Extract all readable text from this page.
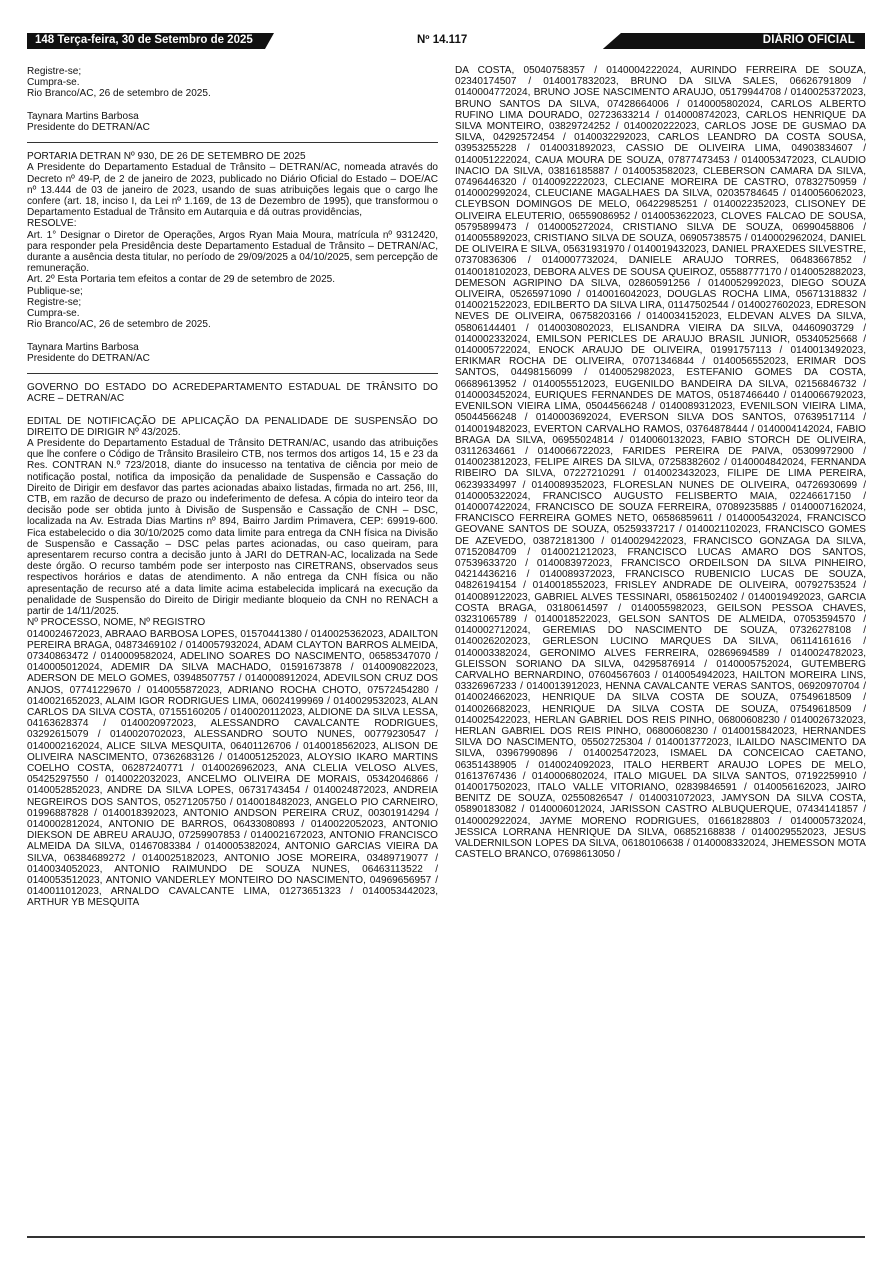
148 Terça-feira, 30 de Setembro de 2025	Nº 14.117	DIÁRIO OFICIAL

Registre-se;

Cumpra-se.

Rio Branco/AC, 26 de setembro de 2025.

Taynara Martins Barbosa

Presidente do DETRAN/AC

PORTARIA DETRAN Nº 930, DE 26 DE SETEMBRO DE 2025

A Presidente do Departamento Estadual de Trânsito – DETRAN/AC, nomeada através do Decreto nº 49-P, de 2 de janeiro de 2023, publicado no Diário Oficial do Estado – DOE/AC nº 13.444 de 03 de janeiro de 2023, usando de suas atribuições legais que o cargo lhe confere (art. 18, inciso I, da Lei nº 1.169, de 13 de Dezembro de 1995), que transformou o Departamento Estadual de Trânsito em Autarquia e dá outras providências,

RESOLVE:

Art. 1° Designar o Diretor de Operações, Argos Ryan Maia Moura, matrícula nº 9312420, para responder pela Presidência deste Departamento Estadual de Trânsito – DETRAN/AC, durante a ausência desta titular, no período de 29/09/2025 a 04/10/2025, sem percepção de remuneração.

Art. 2º Esta Portaria tem efeitos a contar de 29 de setembro de 2025.

Publique-se;

Registre-se;

Cumpra-se.

Rio Branco/AC, 26 de setembro de 2025.

Taynara Martins Barbosa

Presidente do DETRAN/AC

GOVERNO DO ESTADO DO ACREDEPARTAMENTO ESTADUAL DE TRÂNSITO DO ACRE – DETRAN/AC

EDITAL DE NOTIFICAÇÃO DE APLICAÇÃO DA PENALIDADE DE SUSPENSÃO DO DIREITO DE DIRIGIR Nº 43/2025.

A Presidente do Departamento Estadual de Trânsito DETRAN/AC, usando das atribuições que lhe confere o Código de Trânsito Brasileiro CTB, nos termos dos artigos 14, 15 e 23 da Res. CONTRAN N.º 723/2018, diante do insucesso na tentativa de ciência por meio de notificação postal, notifica da imposição da penalidade de Suspensão e Cassação do Direito de Dirigir em desfavor das partes acionadas abaixo listadas, firmada no art. 256, III, CTB, em razão de decurso de prazo ou indeferimento de defesa. A cópia do inteiro teor da decisão pode ser obtida junto à Divisão de Suspensão e Cassação de CNH – DSC, localizada na Av. Estrada Dias Martins nº 894, Bairro Jardim Primavera, CEP: 69919-600. Fica estabelecido o dia 30/10/2025 como data limite para entrega da CNH física na Divisão de Suspensão e Cassação – DSC pelas partes acionadas, ou caso queiram, para apresentarem recurso contra a decisão junto à JARI do DETRAN-AC, localizada na Sede deste órgão. O recurso também pode ser interposto nas CIRETRANS, observados seus respectivos horários e datas de atendimento. A não entrega da CNH física ou não apresentação de recurso até a data limite acima estabelecida implicará na execução da penalidade de Suspensão do Direito de Dirigir mediante bloqueio da CNH no RENACH a partir de 14/11/2025.

Nº PROCESSO, NOME, Nº REGISTRO

0140024672023, ABRAAO BARBOSA LOPES, 01570441380 / 0140025362023, ADAILTON PEREIRA BRAGA, 04873469102 / 0140057932024, ADAM CLAYTON BARROS ALMEIDA, 07340863472 / 0140009582024, ADELINO SOARES DO NASCIMENTO, 06585347070 / 0140005012024, ADEMIR DA SILVA MACHADO, 01591673878 / 0140090822023, ADERSON DE MELO GOMES, 03948507757 / 0140008912024, ADEVILSON CRUZ DOS ANJOS, 07741229670 / 0140055872023, ADRIANO ROCHA CHOTO, 07572454280 / 0140021652023, ALAIM IGOR RODRIGUES LIMA, 06024199969 / 0140029532023, ALAN CARLOS DA SILVA COSTA, 07155160205 / 0140020112023, ALDIONE DA SILVA LESSA, 04163628374 / 0140020972023, ALESSANDRO CAVALCANTE RODRIGUES, 03292615079 / 0140020702023, ALESSANDRO SOUTO NUNES, 00779230547 / 0140002162024, ALICE SILVA MESQUITA, 06401126706 / 0140018562023, ALISON DE OLIVEIRA NASCIMENTO, 07362683126 / 0140051252023, ALOYSIO IKARO MARTINS COELHO COSTA, 06287240771 / 0140026962023, ANA CLELIA VELOSO ALVES, 05425297550 / 0140022032023, ANCELMO OLIVEIRA DE MORAIS, 05342046866 / 0140052852023, ANDRE DA SILVA LOPES, 06731743454 / 0140024872023, ANDREIA NEGREIROS DOS SANTOS, 05271205750 / 0140018482023, ANGELO PIO CARNEIRO, 01996887828 / 0140018392023, ANTONIO ANDSON PEREIRA CRUZ, 00301914294 / 0140002812024, ANTONIO DE BARROS, 06433080893 / 0140022052023, ANTONIO DIEKSON DE ABREU ARAUJO, 07259907853 / 0140021672023, ANTONIO FRANCISCO ALMEIDA DA SILVA, 01467083384 / 0140005382024, ANTONIO GARCIAS VIEIRA DA SILVA, 06384689272 / 0140025182023, ANTONIO JOSE MOREIRA, 03489719077 / 0140034052023, ANTONIO RAIMUNDO DE SOUZA NUNES, 06463113522 / 0140053512023, ANTONIO VANDERLEY MONTEIRO DO NASCIMENTO, 04969656957 / 0140011012023, ARNALDO CAVALCANTE LIMA, 01273651323 / 0140053442023, ARTHUR YB MESQUITA

DA COSTA, 05040758357 / 0140004222024, AURINDO FERREIRA DE SOUZA, 02340174507 / 0140017832023, BRUNO DA SILVA SALES, 06626791809 / 0140004772024, BRUNO JOSE NASCIMENTO ARAUJO, 05179944708 / 0140025372023, BRUNO SANTOS DA SILVA, 07428664006 / 0140005802024, CARLOS ALBERTO RUFINO LIMA DOURADO, 02723633214 / 0140008742023, CARLOS HENRIQUE DA SILVA MONTEIRO, 03829724252 / 0140020222023, CARLOS JOSE DE GUSMAO DA SILVA, 04292572454 / 0140032292023, CARLOS LEANDRO DA COSTA SOUSA, 03953255228 / 0140031892023, CASSIO DE OLIVEIRA LIMA, 04903834607 / 0140051222024, CAUA MOURA DE SOUZA, 07877473453 / 0140053472023, CLAUDIO INACIO DA SILVA, 03816185887 / 0140053582023, CLEBERSON CAMARA DA SILVA, 07496446320 / 0140092222023, CLECIANE MOREIRA DE CASTRO, 07832750959 / 0140002992024, CLEUCIANE MAGALHAES DA SILVA, 02035784645 / 0140056062023, CLEYBSON DOMINGOS DE MELO, 06422985251 / 0140022352023, CLISONEY DE OLIVEIRA ELEUTERIO, 06559086952 / 0140053622023, CLOVES FALCAO DE SOUSA, 05795899473 / 0140005272024, CRISTIANO SILVA DE SOUZA, 06990458806 / 0140055892023, CRISTIANO SILVA DE SOUZA, 06905738575 / 0140002962024, DANIEL DE OLIVEIRA E SILVA, 05631931970 / 0140019432023, DANIEL PRAXEDES SILVESTRE, 07370836306 / 0140007732024, DANIELE ARAUJO TORRES, 06483667852 / 0140018102023, DEBORA ALVES DE SOUSA QUEIROZ, 05588777170 / 0140052882023, DEMESON AGRIPINO DA SILVA, 02860591256 / 0140052992023, DIEGO SOUZA OLIVEIRA, 05265971090 / 0140016042023, DOUGLAS ROCHA LIMA, 05671318832 / 0140021522023, EDILBERTO DA SILVA LIRA, 01147502544 / 0140027602023, EDRESON NEVES DE OLIVEIRA, 06758203166 / 0140034152023, ELDEVAN ALVES DA SILVA, 05806144401 / 0140030802023, ELISANDRA VIEIRA DA SILVA, 04460903729 / 0140002332024, EMILSON PERICLES DE ARAUJO BRASIL JUNIOR, 05340525668 / 0140005722024, ENOCK ARAUJO DE OLIVEIRA, 01991757113 / 0140013492023, ERIKMAR ROCHA DE OLIVEIRA, 07071346844 / 0140056552023, ERIMAR DOS SANTOS, 04498156099 / 0140052982023, ESTEFANIO GOMES DA COSTA, 06689613952 / 0140055512023, EUGENILDO BANDEIRA DA SILVA, 02156846732 / 0140003452024, EURIQUES FERNANDES DE MATOS, 05187466440 / 0140066792023, EVENILSON VIEIRA LIMA, 05044566248 / 0140089312023, EVENILSON VIEIRA LIMA, 05044566248 / 0140003692024, EVERSON SILVA DOS SANTOS, 07639517114 / 0140019482023, EVERTON CARVALHO RAMOS, 03764878444 / 0140004142024, FABIO BRAGA DA SILVA, 06955024814 / 0140060132023, FABIO STORCH DE OLIVEIRA, 03112634661 / 0140066722023, FARIDES PEREIRA DE PAIVA, 05309972900 / 0140023812023, FELIPE AIRES DA SILVA, 07258382602 / 0140004842024, FERNANDA RIBEIRO DA SILVA, 07227210291 / 0140023432023, FILIPE DE LIMA PEREIRA, 06239334997 / 0140089352023, FLORESLAN NUNES DE OLIVEIRA, 04726930699 / 0140005322024, FRANCISCO AUGUSTO FELISBERTO MAIA, 02246617150 / 0140007422024, FRANCISCO DE SOUZA FERREIRA, 07089235885 / 0140007162024, FRANCISCO FERREIRA GOMES NETO, 06586859611 / 0140005432024, FRANCISCO GEOVANE SANTOS DE SOUZA, 05259337217 / 0140021102023, FRANCISCO GOMES DE AZEVEDO, 03872181300 / 0140029422023, FRANCISCO GONZAGA DA SILVA, 07152084709 / 0140021212023, FRANCISCO LUCAS AMARO DOS SANTOS, 07539633720 / 0140083972023, FRANCISCO ORDEILSON DA SILVA PINHEIRO, 04214436216 / 0140089372023, FRANCISCO RUBENICIO LUCAS DE SOUZA, 04826194154 / 0140018552023, FRISLEY ANDRADE DE OLIVEIRA, 00792753524 / 0140089122023, GABRIEL ALVES TESSINARI, 05861502402 / 0140019492023, GARCIA COSTA BRAGA, 03180614597 / 0140055982023, GEILSON PESSOA CHAVES, 03231065789 / 0140018522023, GELSON SANTOS DE ALMEIDA, 07053594570 / 0140002712024, GEREMIAS DO NASCIMENTO DE SOUZA, 07326278108 / 0140026202023, GERLESON LUCINO MARQUES DA SILVA, 06114161616 / 0140003382024, GERONIMO ALVES FERREIRA, 02869694589 / 0140024782023, GLEISSON SORIANO DA SILVA, 04295876914 / 0140005752024, GUTEMBERG CARVALHO BERNARDINO, 07604567603 / 0140054942023, HAILTON MOREIRA LINS, 03326967233 / 0140013912023, HENNA CAVALCANTE VERAS SANTOS, 06920970704 / 0140024662023, HENRIQUE DA SILVA COSTA DE SOUZA, 07549618509 / 0140026682023, HENRIQUE DA SILVA COSTA DE SOUZA, 07549618509 / 0140025422023, HERLAN GABRIEL DOS REIS PINHO, 06800608230 / 0140026732023, HERLAN GABRIEL DOS REIS PINHO, 06800608230 / 0140015842023, HERNANDES SILVA DO NASCIMENTO, 05502725304 / 0140013772023, ILAILDO NASCIMENTO DA SILVA, 03967990896 / 0140025472023, ISMAEL DA CONCEICAO CAETANO, 06351438905 / 0140024092023, ITALO HERBERT ARAUJO LOPES DE MELO, 01613767436 / 0140006802024, ITALO MIGUEL DA SILVA SANTOS, 07192259910 / 0140017502023, ITALO VALLE VITORIANO, 02839846591 / 0140056162023, JAIRO BENITZ DE SOUZA, 02550826547 / 0140031072023, JAMYSON DA SILVA COSTA, 05890183082 / 0140006012024, JARISSON CASTRO ALBUQUERQUE, 07434141857 / 0140002922024, JAYME MORENO RODRIGUES, 01661828803 / 0140005732024, JESSICA LORRANA HENRIQUE DA SILVA, 06852168838 / 0140029552023, JESUS VALDERNILSON LOPES DA SILVA, 06180106638 / 0140008332024, JHEMESSON MOTA CASTELO BRANCO, 07698613050 /
